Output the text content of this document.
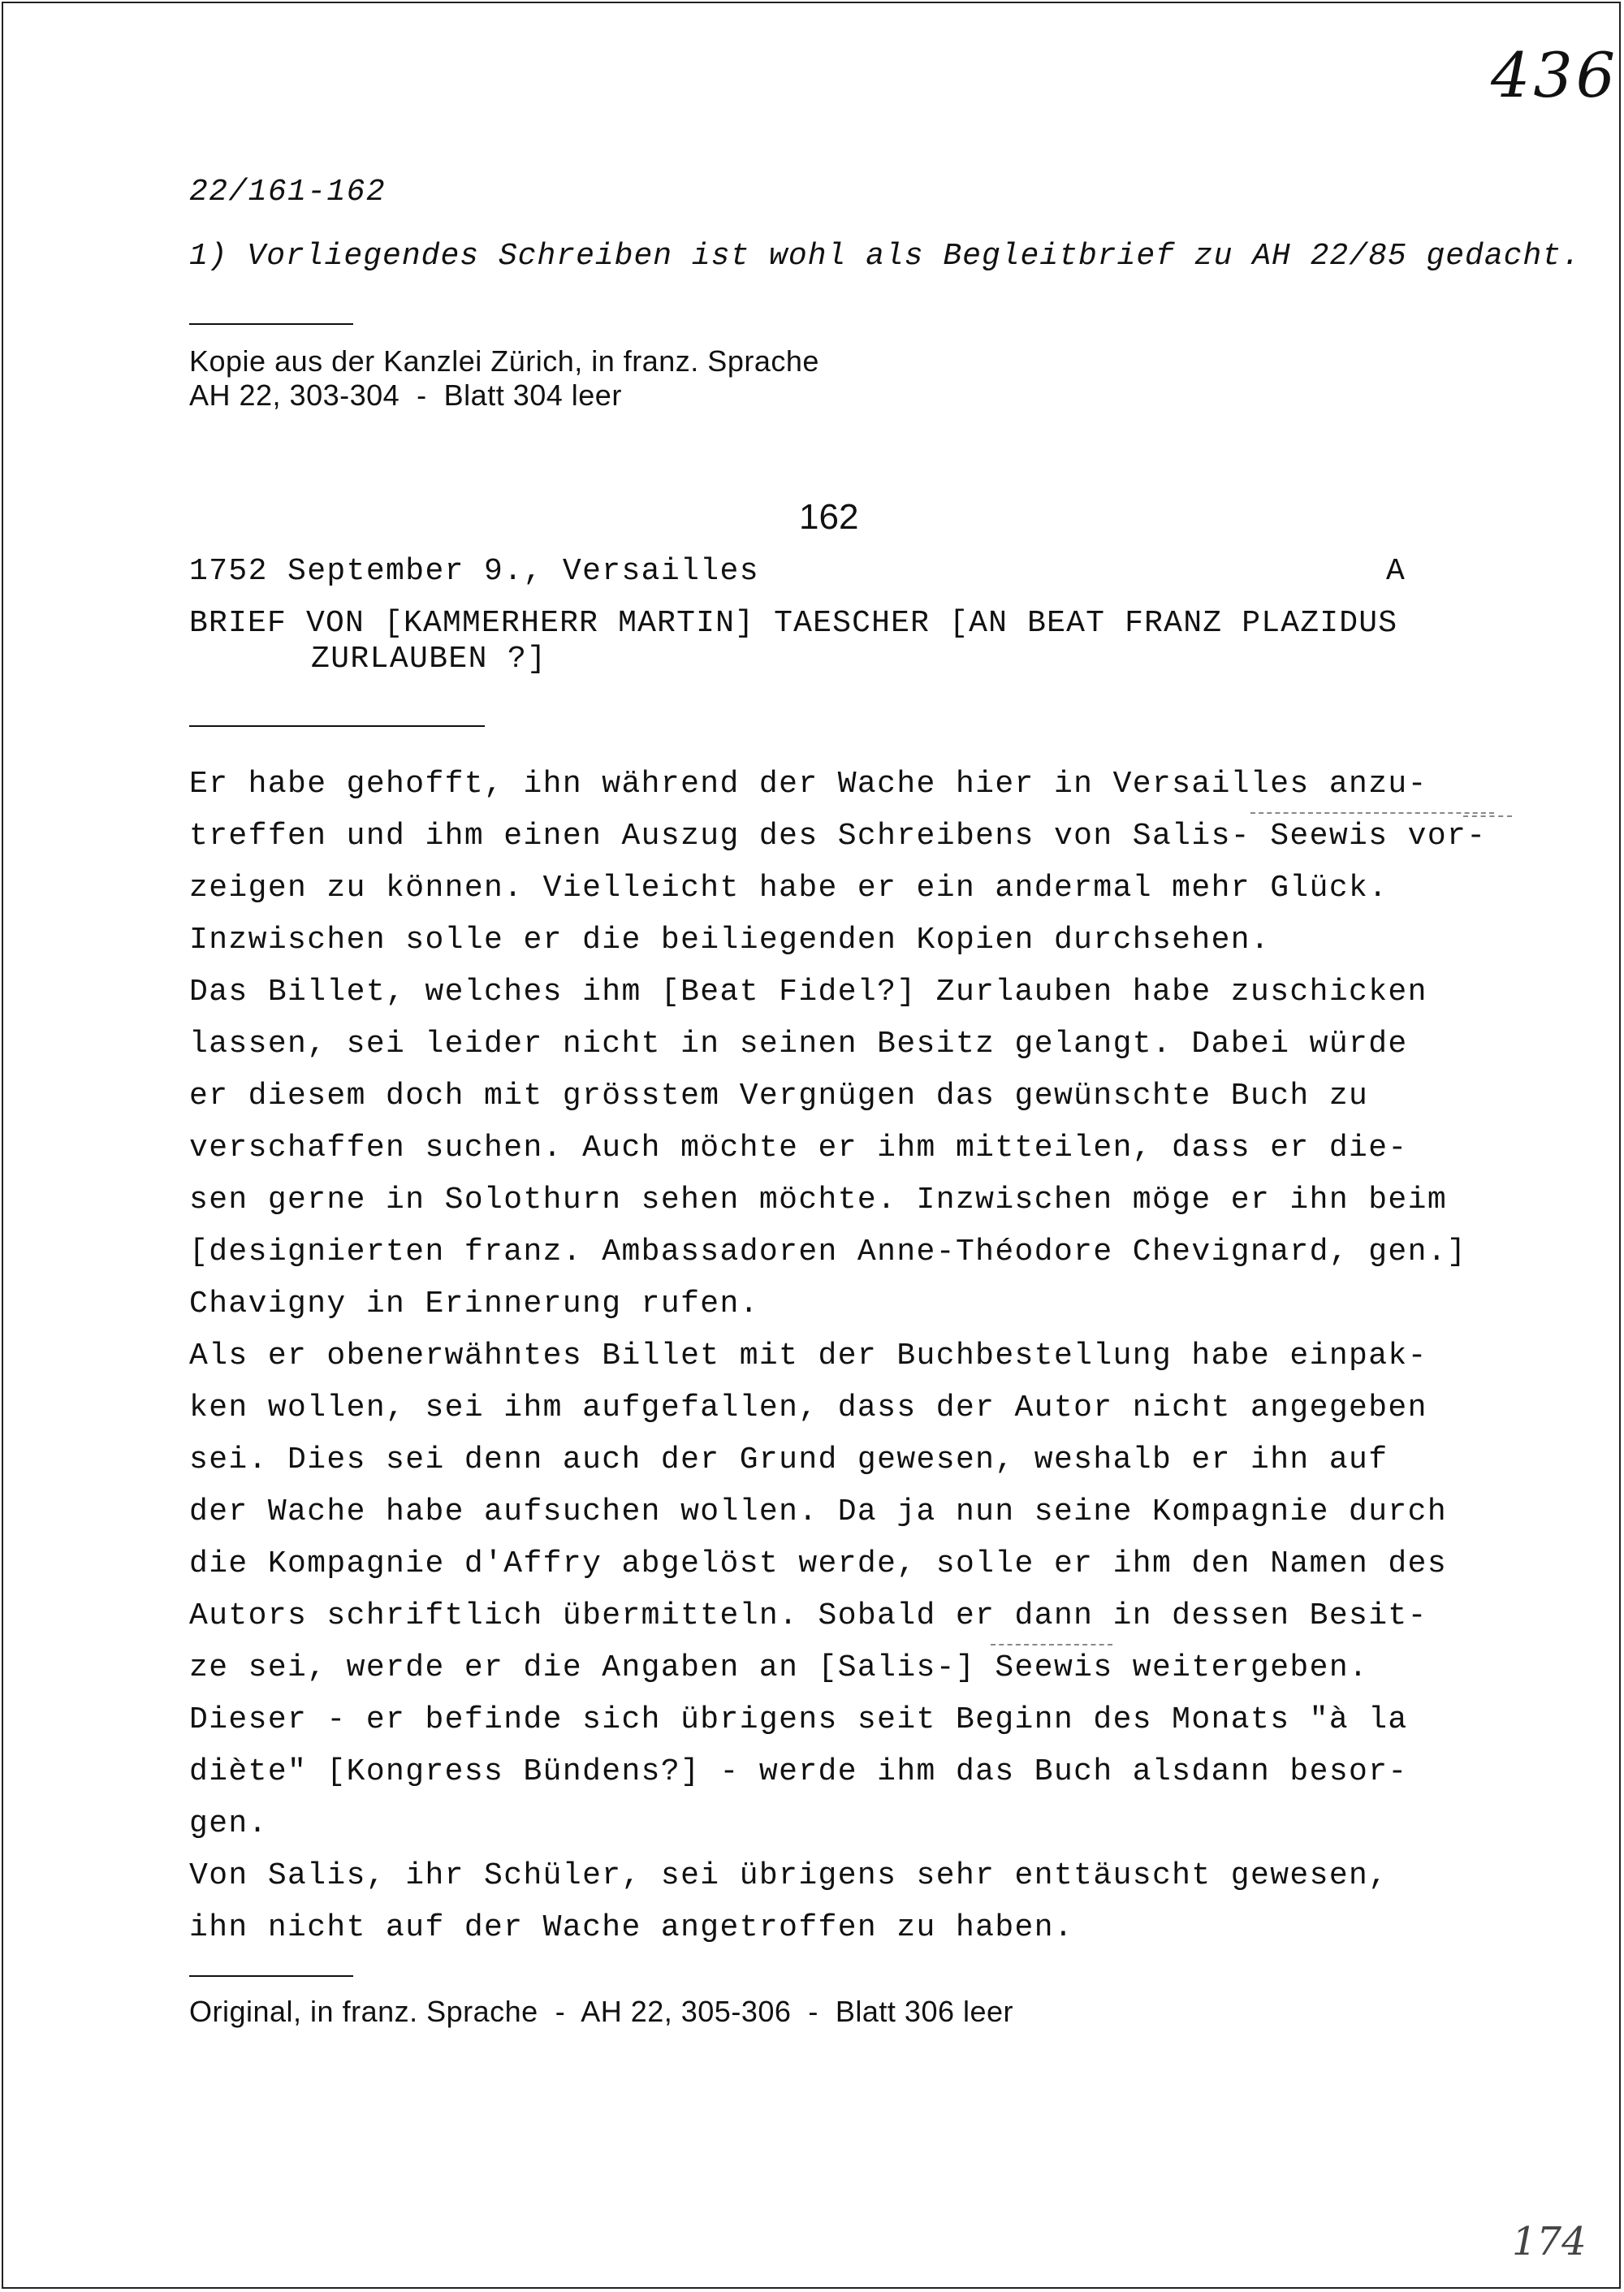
436
22/161-162
1) Vorliegendes Schreiben ist wohl als Begleitbrief zu AH 22/85 gedacht.
Kopie aus der Kanzlei Zürich, in franz. Sprache
AH 22, 303-304  -  Blatt 304 leer
162
1752 September 9., Versailles	A
BRIEF VON [KAMMERHERR MARTIN] TAESCHER [AN BEAT FRANZ PLAZIDUS
ZURLAUBEN ?]
Er habe gehofft, ihn während der Wache hier in Versailles anzu-
treffen und ihm einen Auszug des Schreibens von Salis- Seewis vor-
zeigen zu können. Vielleicht habe er ein andermal mehr Glück.
Inzwischen solle er die beiliegenden Kopien durchsehen.
Das Billet, welches ihm [Beat Fidel?] Zurlauben habe zuschicken
lassen, sei leider nicht in seinen Besitz gelangt. Dabei würde
er diesem doch mit grösstem Vergnügen das gewünschte Buch zu
verschaffen suchen. Auch möchte er ihm mitteilen, dass er die-
sen gerne in Solothurn sehen möchte. Inzwischen möge er ihn beim
[designierten franz. Ambassadoren Anne-Théodore Chevignard, gen.]
Chavigny in Erinnerung rufen.
Als er obenerwähntes Billet mit der Buchbestellung habe einpak-
ken wollen, sei ihm aufgefallen, dass der Autor nicht angegeben
sei. Dies sei denn auch der Grund gewesen, weshalb er ihn auf
der Wache habe aufsuchen wollen. Da ja nun seine Kompagnie durch
die Kompagnie d'Affry abgelöst werde, solle er ihm den Namen des
Autors schriftlich übermitteln. Sobald er dann in dessen Besit-
ze sei, werde er die Angaben an [Salis-] Seewis weitergeben.
Dieser - er befinde sich übrigens seit Beginn des Monats "à la
diète" [Kongress Bündens?] - werde ihm das Buch alsdann besor-
gen.
Von Salis, ihr Schüler, sei übrigens sehr enttäuscht gewesen,
ihn nicht auf der Wache angetroffen zu haben.
Original, in franz. Sprache  -  AH 22, 305-306  -  Blatt 306 leer
174
